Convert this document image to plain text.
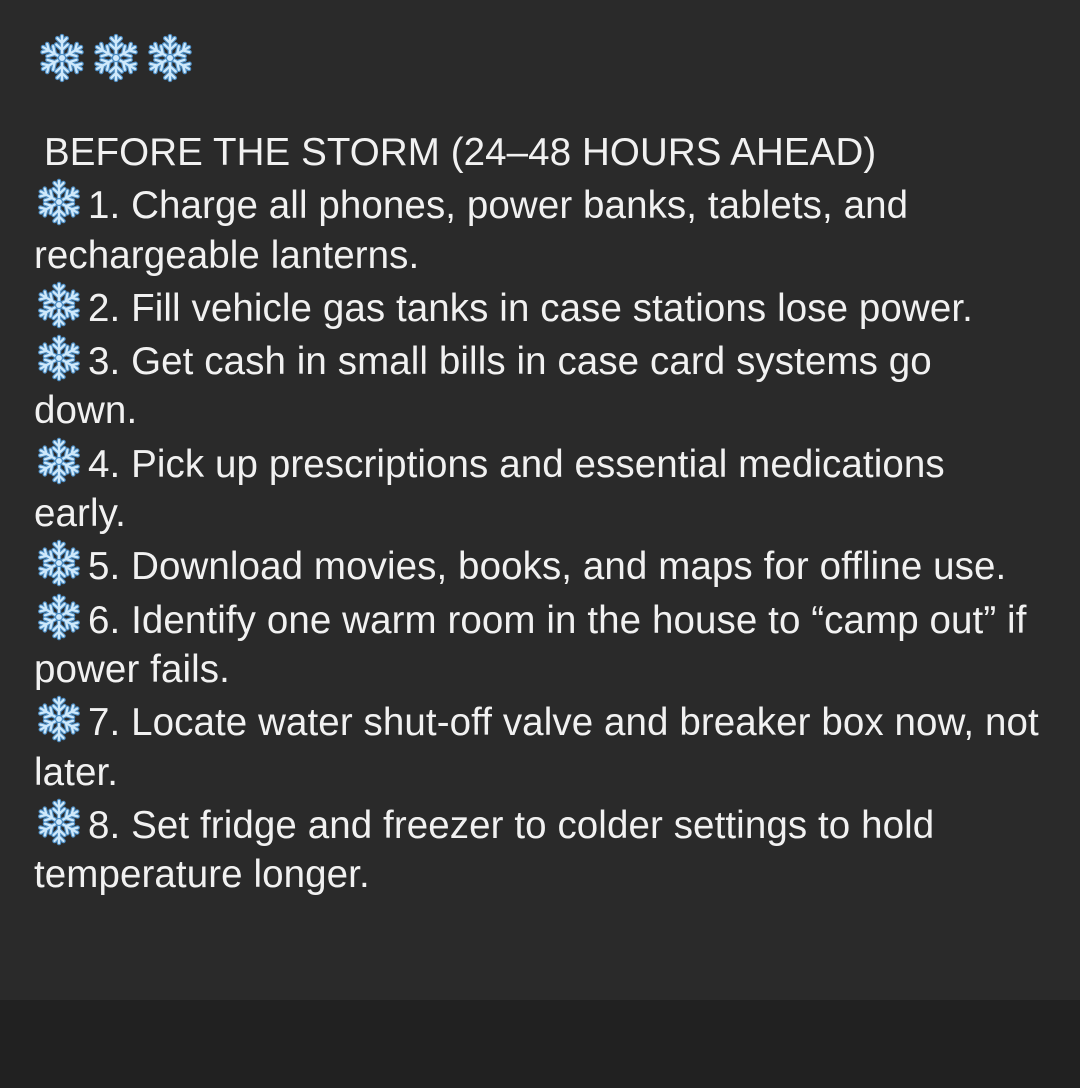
BEFORE THE STORM (24–48 HOURS AHEAD)
1. Charge all phones, power banks, tablets, and rechargeable lanterns.
2. Fill vehicle gas tanks in case stations lose power.
3. Get cash in small bills in case card systems go down.
4. Pick up prescriptions and essential medications early.
5. Download movies, books, and maps for offline use.
6. Identify one warm room in the house to “camp out” if power fails.
7. Locate water shut-off valve and breaker box now, not later.
8. Set fridge and freezer to colder settings to hold temperature longer.
